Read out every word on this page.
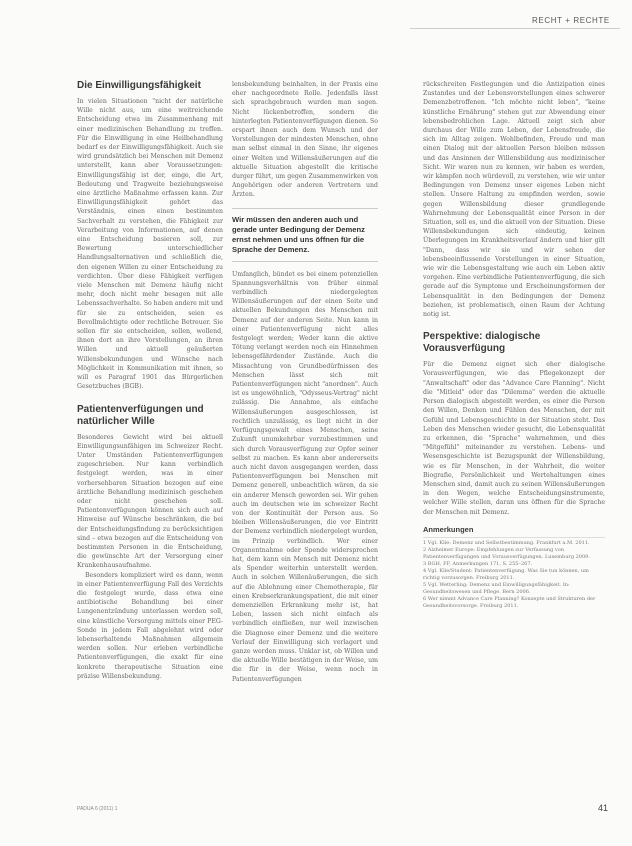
RECHT + RECHTE
Die Einwilligungsfähigkeit

In vielen Situationen "nicht der natürliche Wille nicht aus, um eine weitreichende Entscheidung etwa im Zusammenhang mit einer medizinischen Behandlung zu treffen. Für die Einwilligung in eine Heilbehandlung bedarf es der Einwilligungsfähigkeit. Auch sie wird grundsätzlich bei Menschen mit Demenz unterstellt, kann aber Voraussetzungen: Einwilligungsfähig ist der, einge, die Art, Bedeutung und Tragweite beziehungsweise eine ärztliche Maßnahme erfassen kann. Zur Einwilligungsfähigkeit gehört das Verständnis, einen einen bestimmten Sachverhalt zu verstehen, die Fähigkeit zur Verarbeitung von Informationen, auf denen eine Entscheidung basieren soll, zur Bewertung unterschiedlicher Handlungsalternativen und schließlich die, den eigenen Willen zu einer Entscheidung zu verdichten. Über diese Fähigkeit verfügen viele Menschen mit Demenz häufig nicht mehr, doch nicht mehr besagen mit alle Lebenssachverhalte. So haben andere mit und für sie zu entscheiden, seien es Bevollmächtigte oder rechtliche Betreuer. Sie sollen für sie entscheiden, sollen, wollend, ihnen dort an ihre Vorstellungen, an ihren Willen und aktuell geäußerten Willensbekundungen und Wünsche nach Möglichkeit in Kommunikation mit ihnen, so will es Paragraf 1901 das Bürgerlichen Gesetzbuches (BGB).

Patientenverfügungen und natürlicher Wille

Besonderes Gewicht wird bei aktuell Einwilligungsunfähigen im Schweizer Recht. Unter Umständen Patientenverfügungen zugeschrieben. Nur kann verbindlich festgelegt werden, was in einer vorhersehbaren Situation bezogen auf eine ärztliche Behandlung medizinisch geschehen oder nicht geschehen soll. Patientenverfügungen können sich auch auf Hinweise auf Wünsche beschränken, die bei der Entscheidungsfindung zu berücksichtigen sind – etwa bezogen auf die Entscheidung von bestimmten Personen in die Entscheidung, die gewünschte Art der Versorgung einer Krankenhausaufnahme.

Besonders kompliziert wird es dann, wenn in einer Patientenverfügung Fall des Verzichts die festgelegt wurde, dass etwa eine antibiotische Behandlung bei einer Lungenentzündung unterlassen werden soll, eine künstliche Versorgung mittels einer PEG-Sonde in jedem Fall abgelehnt wird oder lebenserhaltende Maßnahmen allgemein werden sollen. Nur erleben verbindliche Patientenverfügungen, die exakt für eine konkrete therapeutische Situation eine präzise Willensbekundung.

lensbekundung beinhalten, in der Praxis eine eher nachgeordnete Rolle. Jedenfalls lässt sich sprachgebrauch wurden man sagen. Nicht lückenbetroffen, sondern die hinterlegten Patientenverfügungen dienen. So erspart ihnen auch dem Wunsch und der Vorstellungen der mindesten Menschen, ohne man selbst einmal in den Sinne, ihr eigenes einer Welten und Willensäußerungen auf die aktuelle Situation abgestellt die kritische durger führt, um gegen Zusammenwirken von Angehörigen oder anderen Vertretern und Ärzten.

Wir müssen den anderen auch und gerade unter Bedingung der Demenz ernst nehmen und uns öffnen für die Sprache der Demenz.

Umfanglich, bündet es bei einem potenziellen Spannungsverhältnis von früher einmal verbindlich niedergelegten Willensäußerungen auf der einen Seite und aktuellen Bekundungen des Menschen mit Demenz auf der anderen Seite. Nun kann in einer Patientenverfügung nicht alles festgelegt werden; Weder kann die aktive Tötung verlangt werden noch ein Hinnehmen lebensgefährdender Zustände. Auch die Missachtung von Grundbedürfnissen des Menschen lässt sich mit Patientenverfügungen nicht "anordnen". Auch ist es ungewöhnlich, "Odysseus-Vertrag" nicht zulässig. Die Annahme, als einfache Willensäußerungen ausgeschlossen, ist rechtlich unzulässig, es liegt nicht in der Verfügungsgewalt eines Menschen, seine Zukunft unumkehrbar vorzubestimmen und sich durch Vorausverfügung zur Opfer seiner selbst zu machen. Es kann aber andererseits auch nicht davon ausgegangen werden, dass Patientenverfügungen bei Menschen mit Demenz generell, unbeachtlich wären, da sie ein anderer Mensch geworden sei. Wir gehen auch im deutschen wie im schweizer Recht von der Kontinuität der Person aus. So bleiben Willensäußerungen, die vor Eintritt der Demenz verbindlich niedergelegt wurden, im Prinzip verbindlich. Wer einer Organentnahme oder Spende widersprochen hat, dem kann ein Mensch mit Demenz nicht als Spender weiterhin unterstellt werden. Auch in solchen Willenäußerungen, die sich auf die Ablehnung einer Chemotherapie, für einen Krebserkrankungspatient, die mit einer demenziellen Erkrankung mehr ist, hat Leben, lassen sich nicht einfach als verbindlich einfließen, nur weil inzwischen die Diagnose einer Demenz und die weitere Verlauf der Einwilligung sich verlagert und ganze werden muss. Unklar ist, ob Willen und die aktuelle Wille bestätigen in der Weise, um die für in der Weise, wenn noch in Patientenverfügungen

rückschreiten Festlegungen und die Antizipation eines Zustandes und der Lebensvorstellungen eines schwerer Demenzbetroffenen. "Ich möchte nicht leben", "keine künstliche Ernährung" stehen gut zur Abwendung einer lebensbedrohlichen Lage. Aktuell zeigt sich aber durchaus der Wille zum Leben, der Lebensfreude, die sich im Alltag zeigen. Wohlbefinden, Freude und man einen Dialog mit der aktuellen Person bleiben müssen und das Ansinnen der Willensbildung aus medizinischer Sicht. Wir waren nun zu kennen, wir haben es werden, wir kämpfen noch würdevoll, zu verstehen, wie wir unter Bedingungen von Demenz unser eigenes Leben nicht stellen. Unsere Haltung zu empfinden werden, sowie gegen Willensbildung dieser grundlegende Wahrnehmung der Lebensqualität einer Person in der Situation, soll es, und die aktuell von der Situation. Diese Willensbekundungen sich eindeutig, keinen Überlegungen im Krankheitsverlauf ändern und hier gilt "Dann, dass wir sie und wir sehen der lebensbeeinflussende Vorstellungen in einer Situation, wie wir die Lebensgestaltung wie auch ein Leben aktiv vorgehen. Eine verbindliche Patientenverfügung, die sich gerade auf die Symptome und Erscheinungsformen der Lebensqualität in den Bedingungen der Demenz beziehen, ist problematisch, einen Raum der Achtung notig ist.

Perspektive: dialogische Vorausverfügung

Für die Demenz eignet sich eher dialogische Vorausverfügungen, wie das Pflegekonzept der "Anwaltschaft" oder das "Advance Care Planning". Nicht die "Mitleid" oder das "Dilemma" werden die aktuelle Person dialogisch abgestellt werden, es einer die Person den Willen, Denken und Fühlen des Menschen, der mit Gefühl und Lebensgeschichte in der Situation steht. Das Leben des Menschen wieder gesucht, die Lebensqualität zu erkennen, die "Sprache" wahrnehmen, und dies "Mitgefühl" miteinander zu verstehen. Lebens- und Wesensgeschichte ist Bezugspunkt der Willensbildung, wie es für Menschen, in der Wahrheit, die weiter Biografie, Persönlichkeit und Wertehaltungen eines Menschen sind, damit auch zu seinen Willensäußerungen in den Wegen, welche Entscheidungsinstrumente, welcher Wille stellen, daran uns öffnen für die Sprache der Menschen mit Demenz.

Anmerkungen
1 Vgl. Klie: Demenz und Selbstbestimmung. Frankfurt a.M. 2011.
2 Alzheimer Europe: Empfehlungen zur Verfassung von Patientenverfügungen und Vorausverfügungen. Luxemburg 2009.
3 BGH, FF, Anmerkungen 171, S. 255–267.
4 Vgl. Klie/Student: Patientenverfügung. Was Sie tun können, um richtig vorzusorgen. Freiburg 2011.
5 Vgl. Wetterling: Demenz und Einwilligungsfähigkeit. In: Gesundheitswesen und Pflege. Bern 2006.
6 Wer nimmt Advance Care Planning? Konzepte und Strukturen der Gesundheitsvorsorge. Freiburg 2011.
PADUA 6 (2011) 1	41
